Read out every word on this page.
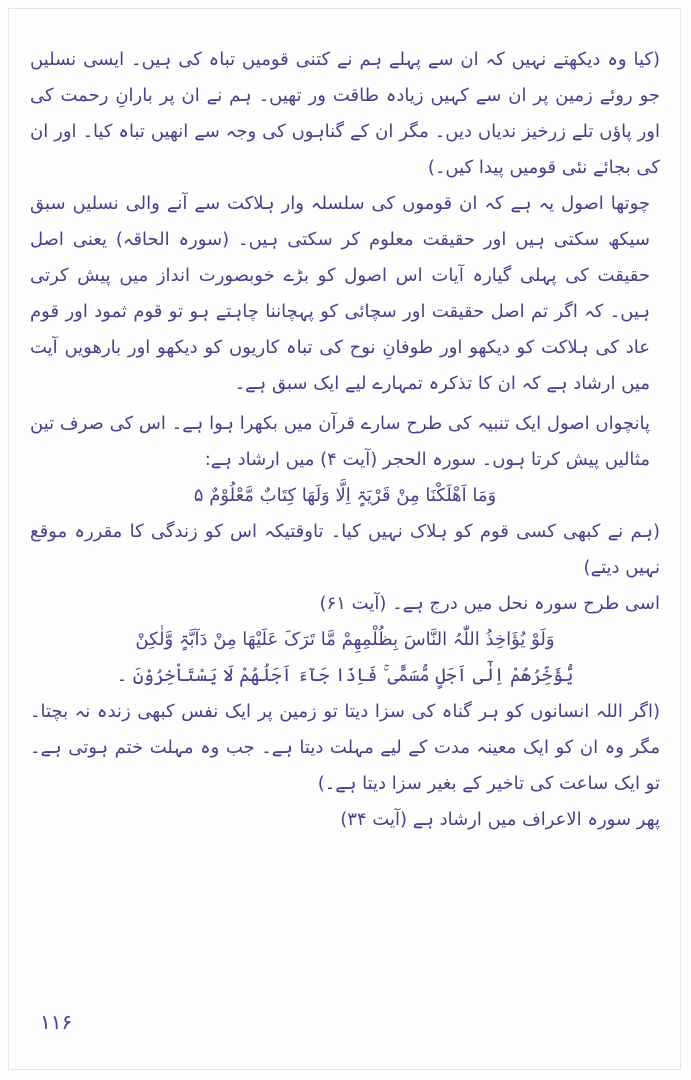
(کیا وہ دیکھتے نہیں کہ ان سے پہلے ہم نے کتنی قومیں تباہ کی ہیں۔ ایسی نسلیں جو روئے زمین پر ان سے کہیں زیادہ طاقت ور تھیں۔ ہم نے ان پر بارانِ رحمت کی اور پاؤں تلے زرخیز ندیاں دیں۔ مگر ان کے گناہوں کی وجہ سے انھیں تباہ کیا۔ اور ان کی بجائے نئی قومیں پیدا کیں۔)

چوتھا اصول یہ ہے کہ ان قوموں کی سلسلہ وار ہلاکت سے آنے والی نسلیں سبق سیکھ سکتی ہیں اور حقیقت معلوم کر سکتی ہیں۔ (سورہ الحاقہ) یعنی اصل حقیقت کی پہلی گیارہ آیات اس اصول کو بڑے خوبصورت انداز میں پیش کرتی ہیں۔ کہ اگر تم اصل حقیقت اور سچائی کو پہچاننا چاہتے ہو تو قوم ثمود اور قوم عاد کی ہلاکت کو دیکھو اور طوفانِ نوح کی تباہ کاریوں کو دیکھو اور بارھویں آیت میں ارشاد ہے کہ ان کا تذکرہ تمہارے لیے ایک سبق ہے۔

پانچواں اصول ایک تنبیہ کی طرح سارے قرآن میں بکھرا ہوا ہے۔ اس کی صرف تین مثالیں پیش کرتا ہوں۔ سورہ الحجر (آیت ۴) میں ارشاد ہے:

وَمَا اَھْلَکْنَا مِنْ قَرْیَۃٍ اِلَّا وَلَھَا کِتَابٌ مَّعْلُوْمٌ ۵

(ہم نے کبھی کسی قوم کو ہلاک نہیں کیا۔ تاوقتیکہ اس کو زندگی کا مقررہ موقع نہیں دیتے)

اسی طرح سورہ نحل میں درج ہے۔ (آیت ۶۱)

وَلَوْ یُؤَاخِذُ اللّٰہُ النَّاسَ بِظُلْمِھِمْ مَّا تَرَکَ عَلَیْھَا مِنْ دَآبَّۃٍ وَّلٰکِنْ

یُّؤَخِّرُھُمْ اِلٰٓی اَجَلٍ مُّسَمًّی ۚ فَاِذَا جَآءَ اَجَلُھُمْ لَا یَسْتَاْخِرُوْنَ ۔

(اگر اللہ انسانوں کو ہر گناہ کی سزا دیتا تو زمین پر ایک نفس کبھی زندہ نہ بچتا۔ مگر وہ ان کو ایک معینہ مدت کے لیے مہلت دیتا ہے۔ جب وہ مہلت ختم ہوتی ہے۔ تو ایک ساعت کی تاخیر کے بغیر سزا دیتا ہے۔)

پھر سورہ الاعراف میں ارشاد ہے (آیت ۳۴)

۱۱۶
